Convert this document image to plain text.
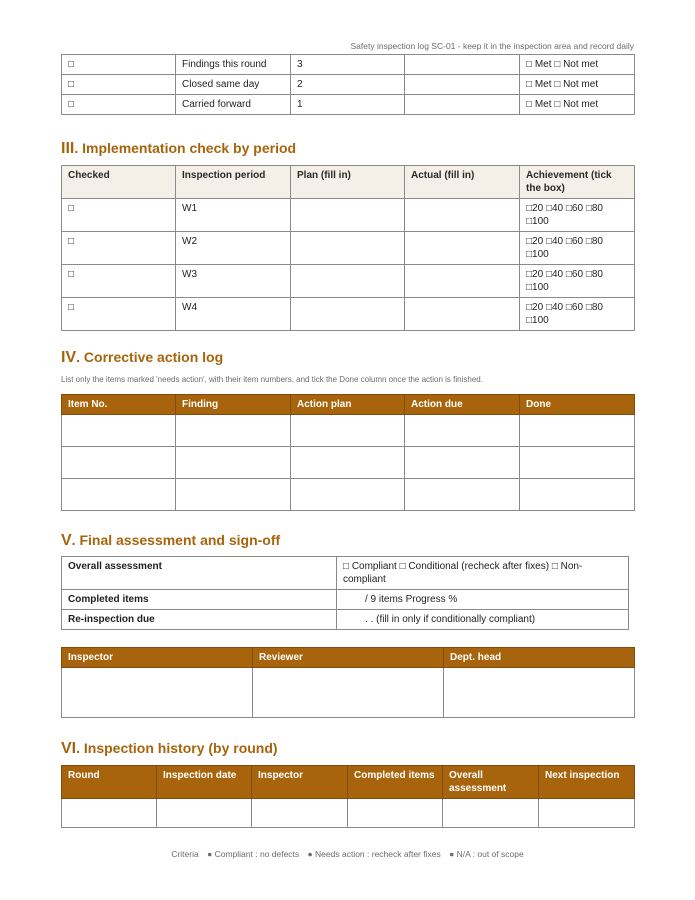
Safety inspection log SC-01 - keep it in the inspection area and record daily
□	Findings this round	3		□ Met □ Not met
□	Closed same day	2		□ Met □ Not met
□	Carried forward	1		□ Met □ Not met
III. Implementation check by period
Checked	Inspection period	Plan (fill in)	Actual (fill in)	Achievement (tick the box)
□	W1			□20 □40 □60 □80 □100
□	W2			□20 □40 □60 □80 □100
□	W3			□20 □40 □60 □80 □100
□	W4			□20 □40 □60 □80 □100
IV. Corrective action log
List only the items marked 'needs action', with their item numbers, and tick the Done column once the action is finished.
Item No.	Finding	Action plan	Action due	Done

V. Final assessment and sign-off
Overall assessment	□ Compliant □ Conditional (recheck after fixes) □ Non-compliant
Completed items	/ 9 items Progress %
Re-inspection due	. . (fill in only if conditionally compliant)
Inspector	Reviewer	Dept. head

VI. Inspection history (by round)
Round	Inspection date	Inspector	Completed items	Overall assessment	Next inspection

Criteria ● Compliant : no defects ● Needs action : recheck after fixes ● N/A : out of scope
